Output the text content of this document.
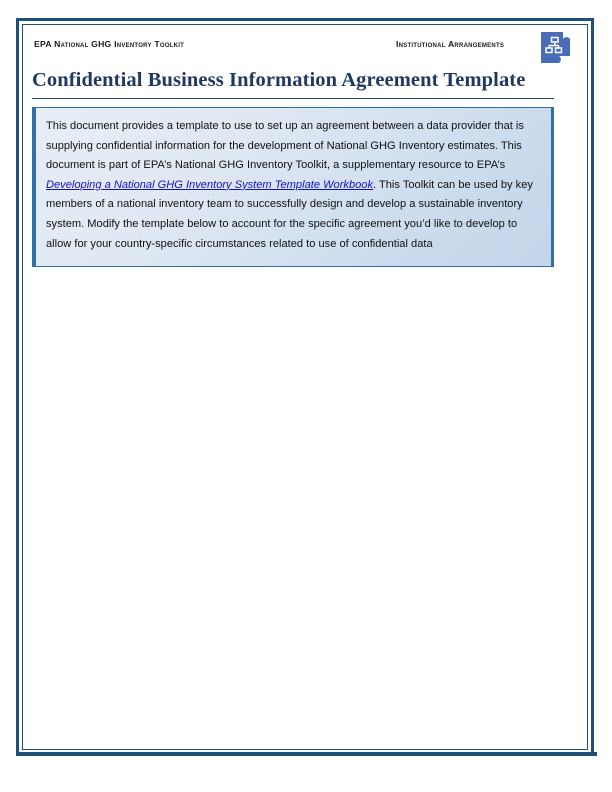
EPA National GHG Inventory Toolkit	Institutional Arrangements
Confidential Business Information Agreement Template

This document provides a template to use to set up an agreement between a data provider that is supplying confidential information for the development of National GHG Inventory estimates. This document is part of EPA’s National GHG Inventory Toolkit, a supplementary resource to EPA’s Developing a National GHG Inventory System Template Workbook. This Toolkit can be used by key members of a national inventory team to successfully design and develop a sustainable inventory system. Modify the template below to account for the specific agreement you’d like to develop to allow for your country-specific circumstances related to use of confidential data
